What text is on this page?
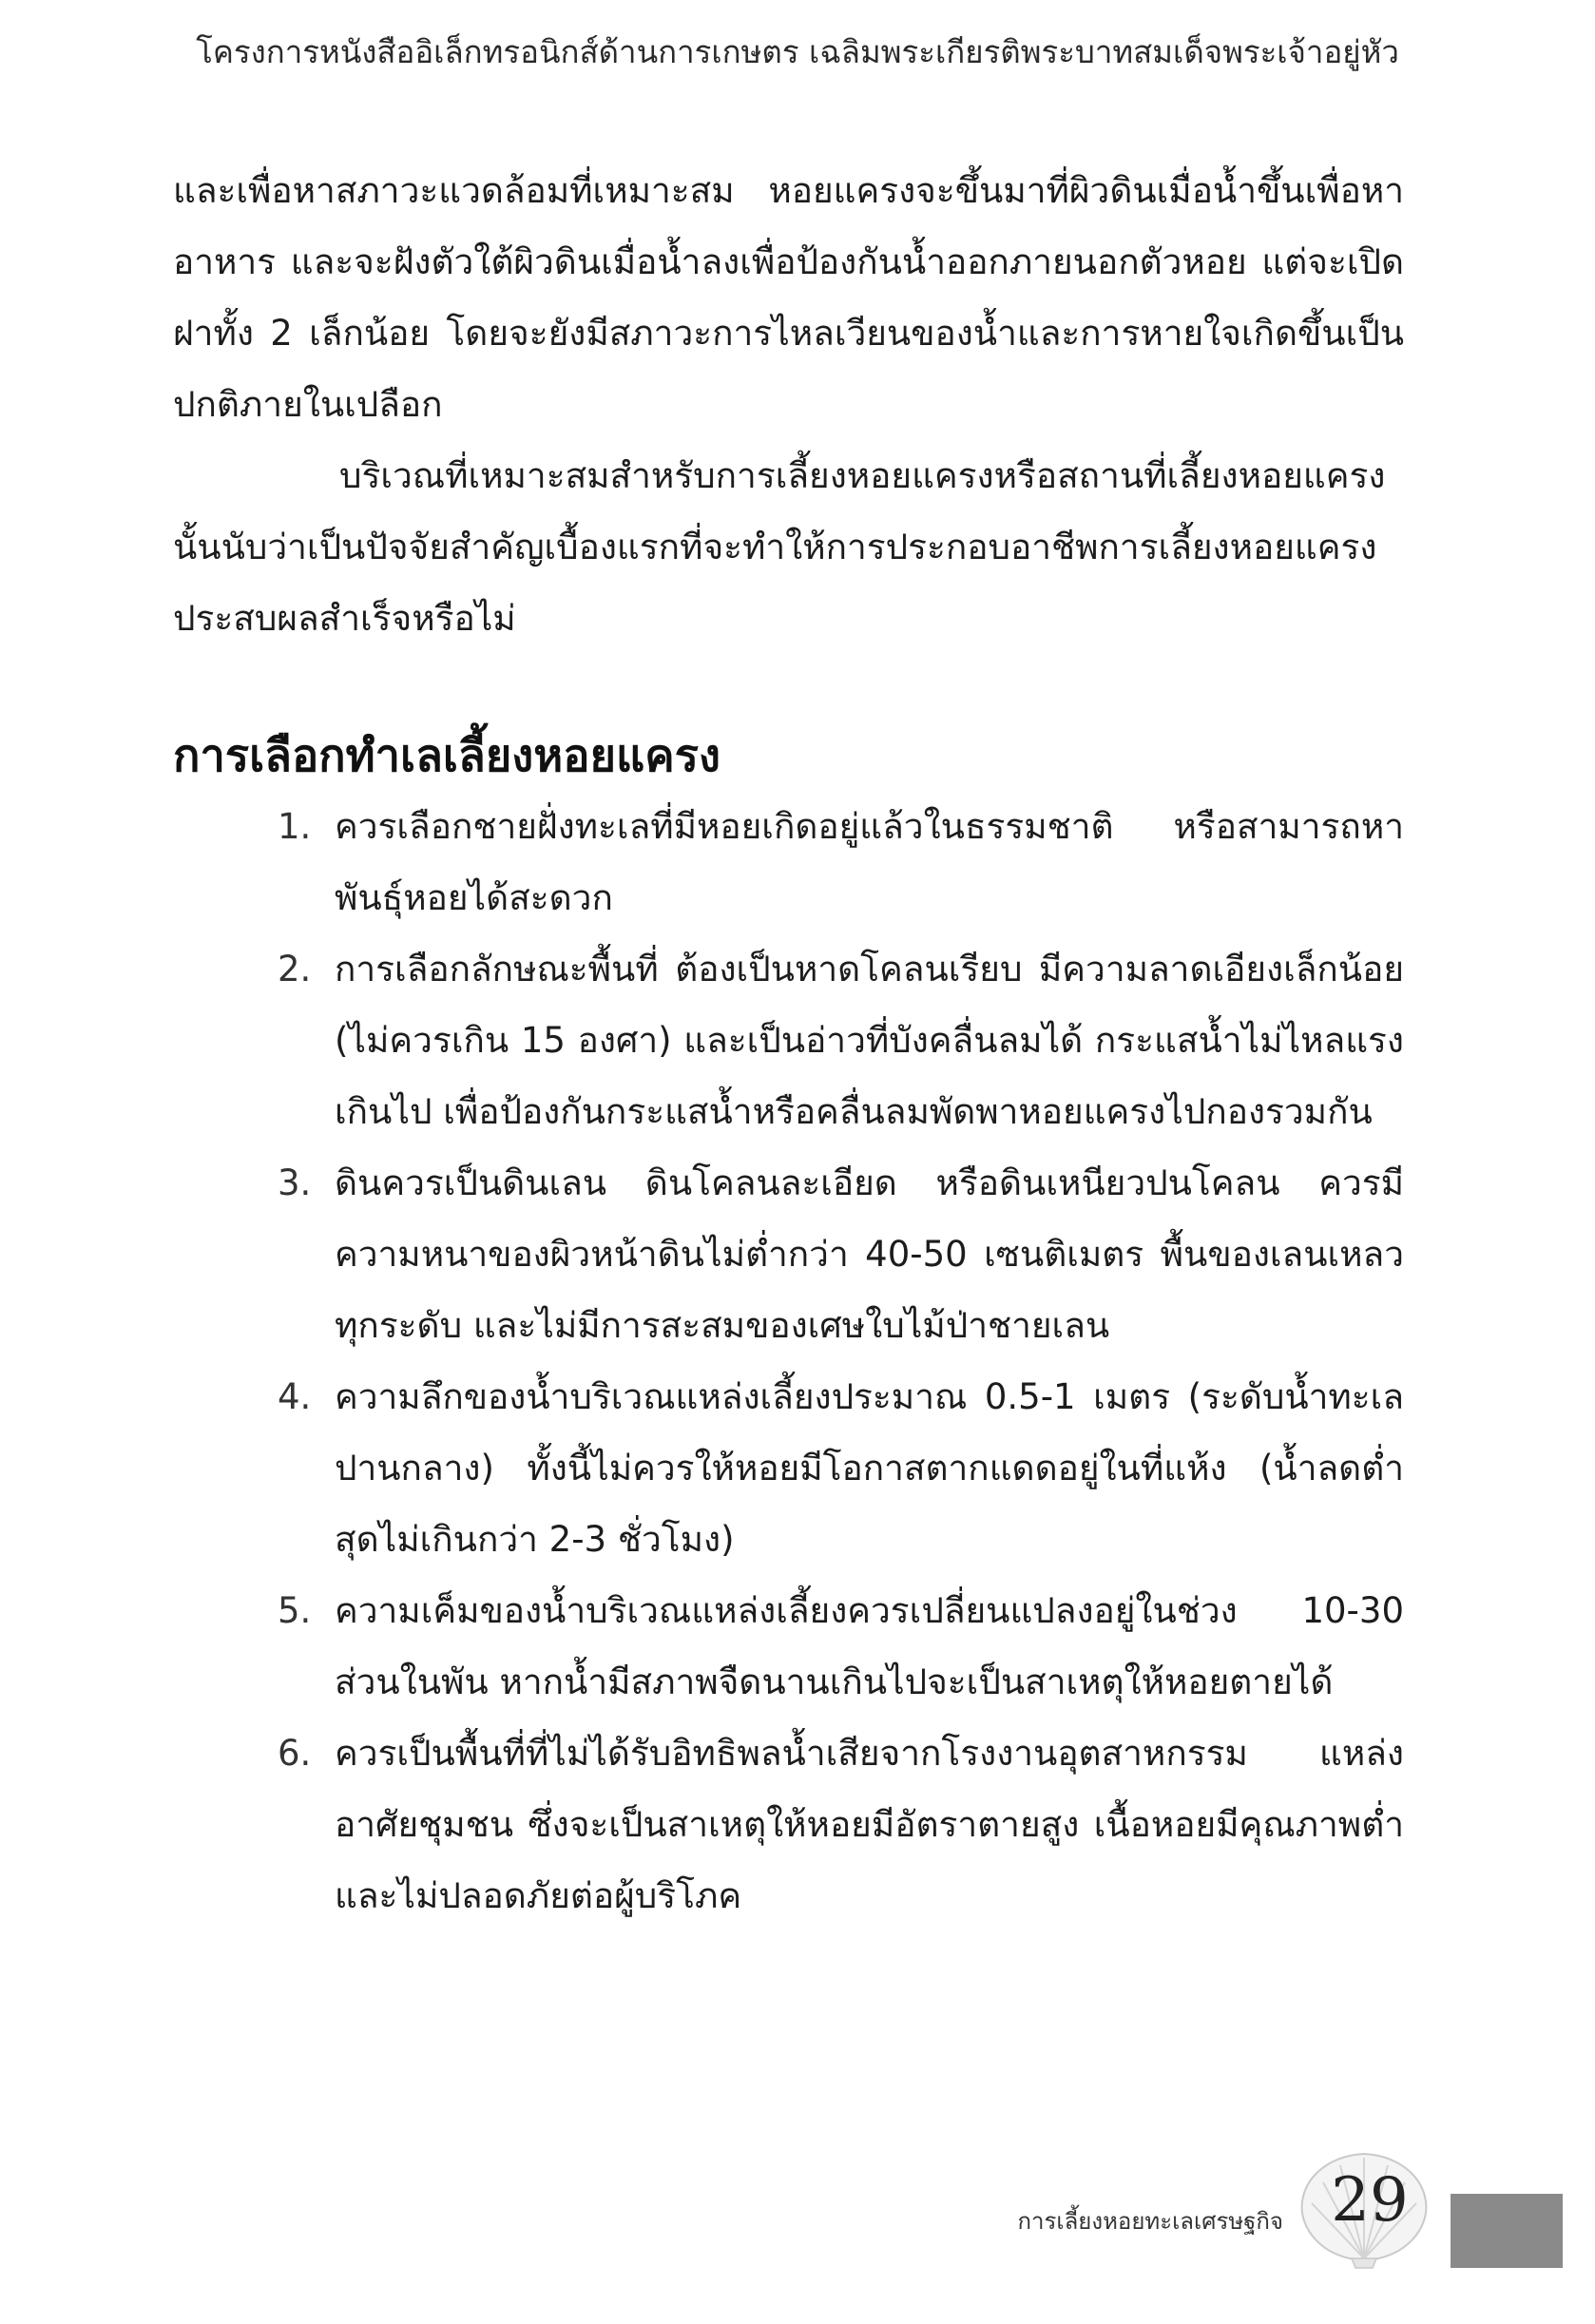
โครงการหนังสืออิเล็กทรอนิกส์ด้านการเกษตร เฉลิมพระเกียรติพระบาทสมเด็จพระเจ้าอยู่หัว
และเพื่อหาสภาวะแวดล้อมที่เหมาะสม หอยแครงจะขึ้นมาที่ผิวดินเมื่อน้ำขึ้นเพื่อหาอาหาร และจะฝังตัวใต้ผิวดินเมื่อน้ำลงเพื่อป้องกันน้ำออกภายนอกตัวหอย แต่จะเปิดฝาทั้ง 2 เล็กน้อย โดยจะยังมีสภาวะการไหลเวียนของน้ำและการหายใจเกิดขึ้นเป็นปกติภายในเปลือก
บริเวณที่เหมาะสมสำหรับการเลี้ยงหอยแครงหรือสถานที่เลี้ยงหอยแครงนั้นนับว่าเป็นปัจจัยสำคัญเบื้องแรกที่จะทำให้การประกอบอาชีพการเลี้ยงหอยแครงประสบผลสำเร็จหรือไม่
การเลือกทำเลเลี้ยงหอยแครง
1. ควรเลือกชายฝั่งทะเลที่มีหอยเกิดอยู่แล้วในธรรมชาติ หรือสามารถหาพันธุ์หอยได้สะดวก
2. การเลือกลักษณะพื้นที่ ต้องเป็นหาดโคลนเรียบ มีความลาดเอียงเล็กน้อย (ไม่ควรเกิน 15 องศา) และเป็นอ่าวที่บังคลื่นลมได้ กระแสน้ำไม่ไหลแรงเกินไป เพื่อป้องกันกระแสน้ำหรือคลื่นลมพัดพาหอยแครงไปกองรวมกัน
3. ดินควรเป็นดินเลน ดินโคลนละเอียด หรือดินเหนียวปนโคลน ควรมีความหนาของผิวหน้าดินไม่ต่ำกว่า 40-50 เซนติเมตร พื้นของเลนเหลวทุกระดับ และไม่มีการสะสมของเศษใบไม้ป่าชายเลน
4. ความลึกของน้ำบริเวณแหล่งเลี้ยงประมาณ 0.5-1 เมตร (ระดับน้ำทะเลปานกลาง) ทั้งนี้ไม่ควรให้หอยมีโอกาสตากแดดอยู่ในที่แห้ง (น้ำลดต่ำสุดไม่เกินกว่า 2-3 ชั่วโมง)
5. ความเค็มของน้ำบริเวณแหล่งเลี้ยงควรเปลี่ยนแปลงอยู่ในช่วง 10-30 ส่วนในพัน หากน้ำมีสภาพจืดนานเกินไปจะเป็นสาเหตุให้หอยตายได้
6. ควรเป็นพื้นที่ที่ไม่ได้รับอิทธิพลน้ำเสียจากโรงงานอุตสาหกรรม แหล่งอาศัยชุมชน ซึ่งจะเป็นสาเหตุให้หอยมีอัตราตายสูง เนื้อหอยมีคุณภาพต่ำและไม่ปลอดภัยต่อผู้บริโภค
การเลี้ยงหอยทะเลเศรษฐกิจ 29
